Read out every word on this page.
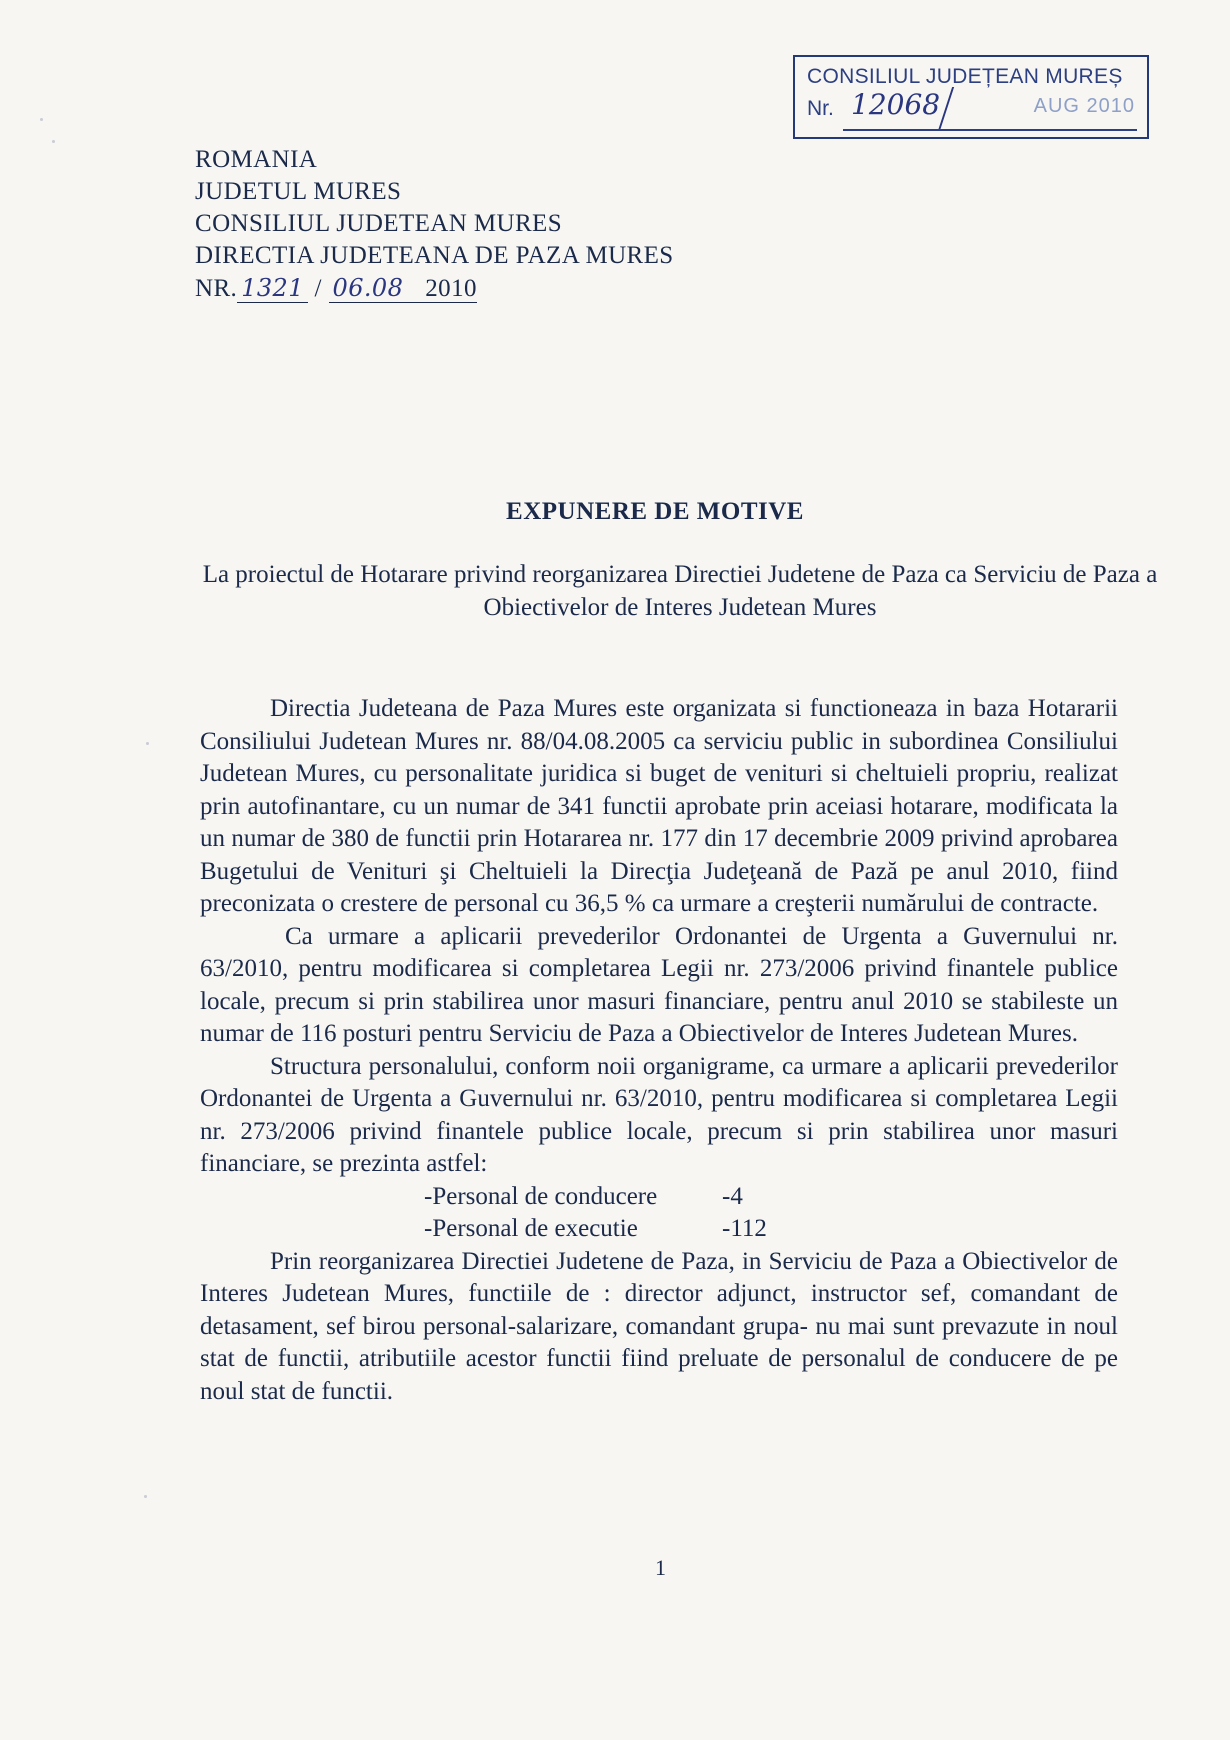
CONSILIUL JUDEȚEAN MUREȘ
Nr. 12068	AUG 2010
ROMANIA
JUDETUL MURES
CONSILIUL JUDETEAN MURES
DIRECTIA JUDETEANA DE PAZA MURES
NR. 1321 / 06.08 2010
EXPUNERE DE MOTIVE
La proiectul de Hotarare privind reorganizarea Directiei Judetene de Paza ca Serviciu de Paza a Obiectivelor de Interes Judetean Mures

Directia Judeteana de Paza Mures este organizata si functioneaza in baza Hotararii Consiliului Judetean Mures nr. 88/04.08.2005 ca serviciu public in subordinea Consiliului Judetean Mures, cu personalitate juridica si buget de venituri si cheltuieli propriu, realizat prin autofinantare, cu un numar de 341 functii aprobate prin aceiasi hotarare, modificata la un numar de 380 de functii prin Hotararea nr. 177 din 17 decembrie 2009 privind aprobarea Bugetului de Venituri şi Cheltuieli la Direcţia Judeţeană de Pază pe anul 2010, fiind preconizata o crestere de personal cu 36,5 % ca urmare a creşterii numărului de contracte.

Ca urmare a aplicarii prevederilor Ordonantei de Urgenta a Guvernului nr. 63/2010, pentru modificarea si completarea Legii nr. 273/2006 privind finantele publice locale, precum si prin stabilirea unor masuri financiare, pentru anul 2010 se stabileste un numar de 116 posturi pentru Serviciu de Paza a Obiectivelor de Interes Judetean Mures.

Structura personalului, conform noii organigrame, ca urmare a aplicarii prevederilor Ordonantei de Urgenta a Guvernului nr. 63/2010, pentru modificarea si completarea Legii nr. 273/2006 privind finantele publice locale, precum si prin stabilirea unor masuri financiare, se prezinta astfel:

-Personal de conducere	-4
-Personal de executie	-112

Prin reorganizarea Directiei Judetene de Paza, in Serviciu de Paza a Obiectivelor de Interes Judetean Mures, functiile de : director adjunct, instructor sef, comandant de detasament, sef birou personal-salarizare, comandant grupa- nu mai sunt prevazute in noul stat de functii, atributiile acestor functii fiind preluate de personalul de conducere de pe noul stat de functii.

1
